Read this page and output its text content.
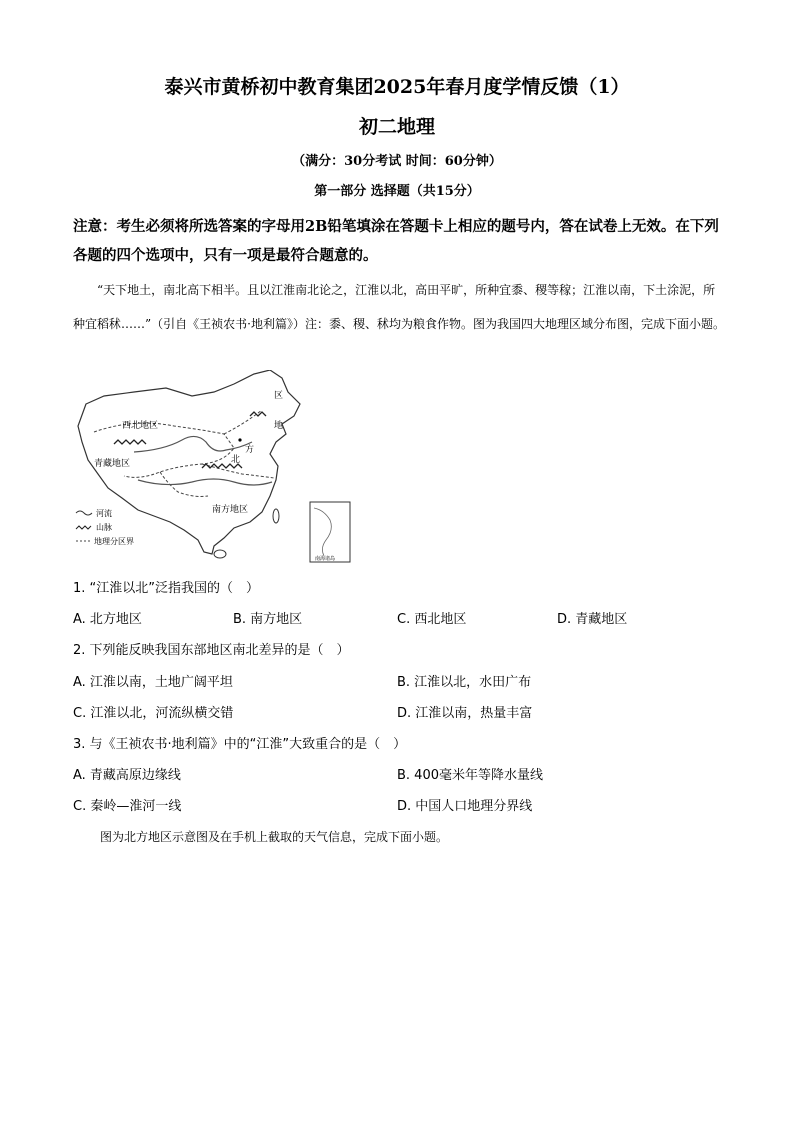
泰兴市黄桥初中教育集团2025年春月度学情反馈（1）
初二地理
（满分：30分考试 时间：60分钟）
第一部分 选择题（共15分）
注意：考生必须将所选答案的字母用2B铅笔填涂在答题卡上相应的题号内，答在试卷上无效。在下列各题的四个选项中，只有一项是最符合题意的。
“天下地土，南北高下相半。且以江淮南北论之，江淮以北，高田平旷，所种宜黍、稷等稼；江淮以南，下土涂泥，所种宜稻秫……”（引自《王祯农书·地利篇》）注：黍、稷、秫均为粮食作物。图为我国四大地理区域分布图，完成下面小题。
西北地区
青藏地区
南方地区
区
地
方
北
河流
山脉
地理分区界
南海诸岛
1. “江淮以北”泛指我国的（　）
A. 北方地区	B. 南方地区	C. 西北地区	D. 青藏地区
2. 下列能反映我国东部地区南北差异的是（　）
A. 江淮以南，土地广阔平坦	B. 江淮以北，水田广布
C. 江淮以北，河流纵横交错	D. 江淮以南，热量丰富
3. 与《王祯农书·地利篇》中的“江淮”大致重合的是（　）
A. 青藏高原边缘线	B. 400毫米年等降水量线
C. 秦岭—淮河一线	D. 中国人口地理分界线
图为北方地区示意图及在手机上截取的天气信息，完成下面小题。
